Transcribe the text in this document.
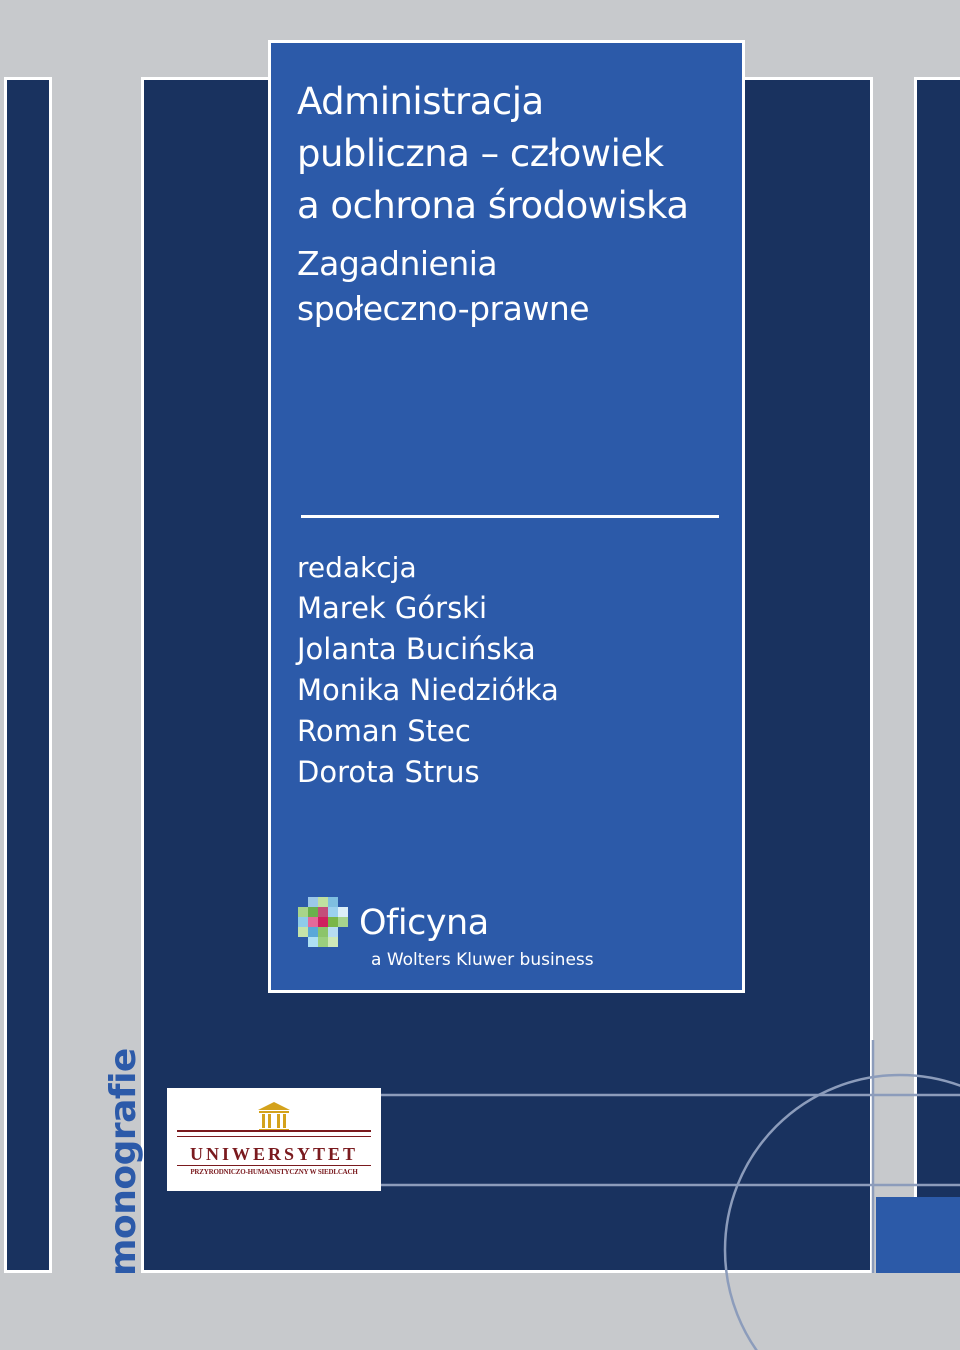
Administracja
publiczna – człowiek
a ochrona środowiska
Zagadnienia
społeczno-prawne
redakcja
Marek Górski
Jolanta Bucińska
Monika Niedziółka
Roman Stec
Dorota Strus
Oficyna
a Wolters Kluwer business
UNIWERSYTET
PRZYRODNICZO-HUMANISTYCZNY W SIEDLCACH
monografie
